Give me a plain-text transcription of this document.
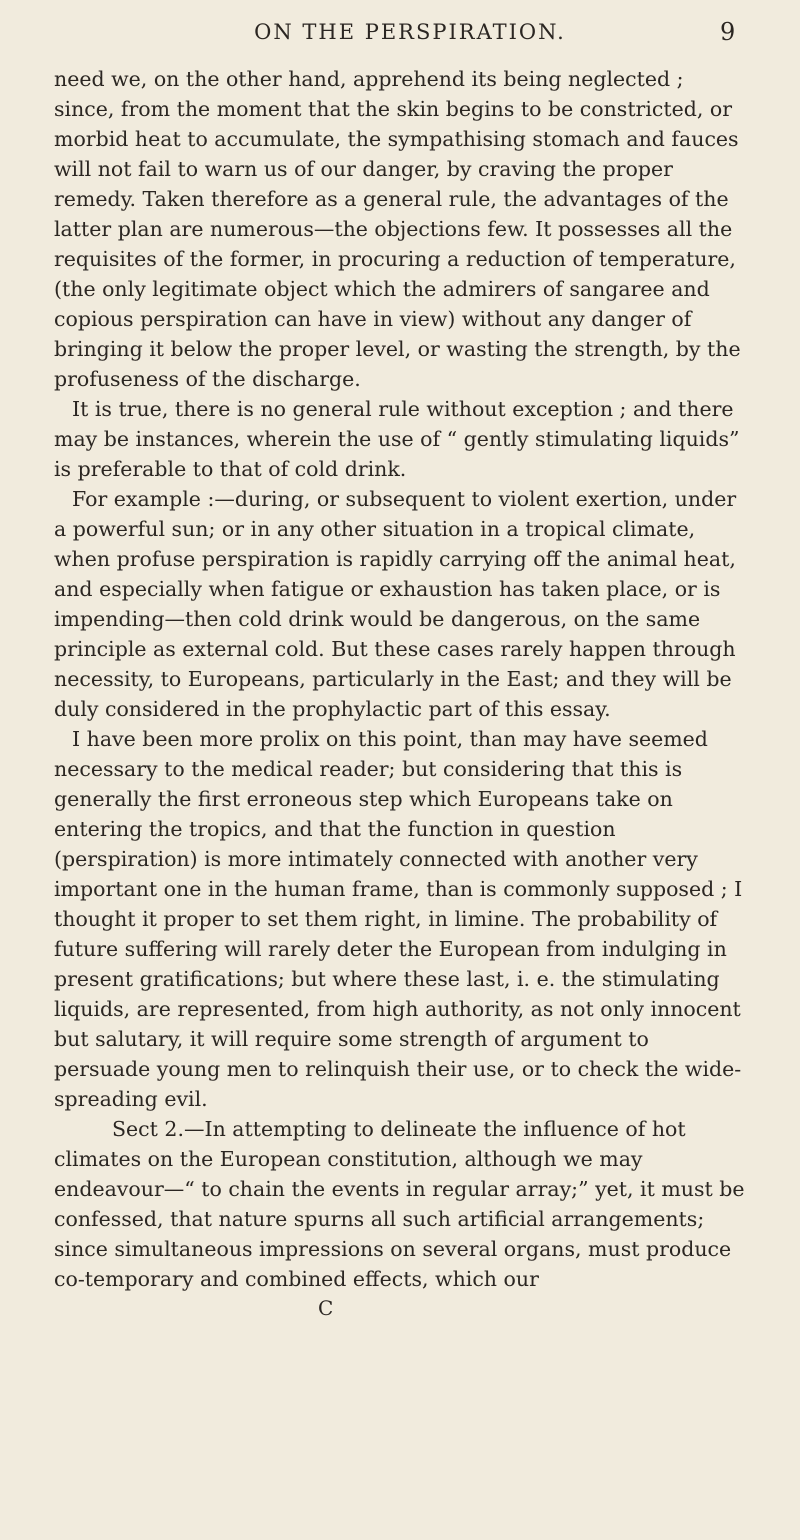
ON THE PERSPIRATION.	9

need we, on the other hand, apprehend its being neglected ; since, from the moment that the skin begins to be constricted, or morbid heat to accumulate, the sympathising stomach and fauces will not fail to warn us of our danger, by craving the proper remedy. Taken therefore as a general rule, the advantages of the latter plan are numerous—the objections few. It possesses all the requisites of the former, in procuring a reduction of temperature, (the only legitimate object which the admirers of sangaree and copious perspiration can have in view) without any danger of bringing it below the proper level, or wasting the strength, by the profuseness of the discharge.

It is true, there is no general rule without exception ; and there may be instances, wherein the use of “ gently stimulating liquids” is preferable to that of cold drink.

For example :—during, or subsequent to violent exertion, under a powerful sun; or in any other situation in a tropical climate, when profuse perspiration is rapidly carrying off the animal heat, and especially when fatigue or exhaustion has taken place, or is impending—then cold drink would be dangerous, on the same principle as external cold. But these cases rarely happen through necessity, to Europeans, particularly in the East; and they will be duly considered in the prophylactic part of this essay.

I have been more prolix on this point, than may have seemed necessary to the medical reader; but considering that this is generally the first erroneous step which Europeans take on entering the tropics, and that the function in question (perspiration) is more intimately connected with another very important one in the human frame, than is commonly supposed ; I thought it proper to set them right, in limine. The probability of future suffering will rarely deter the European from indulging in present gratifications; but where these last, i. e. the stimulating liquids, are represented, from high authority, as not only innocent but salutary, it will require some strength of argument to persuade young men to relinquish their use, or to check the wide-spreading evil.

Sect 2.—In attempting to delineate the influence of hot climates on the European constitution, although we may endeavour—“ to chain the events in regular array;” yet, it must be confessed, that nature spurns all such artificial arrangements; since simultaneous impressions on several organs, must produce co-temporary and combined effects, which our

C
